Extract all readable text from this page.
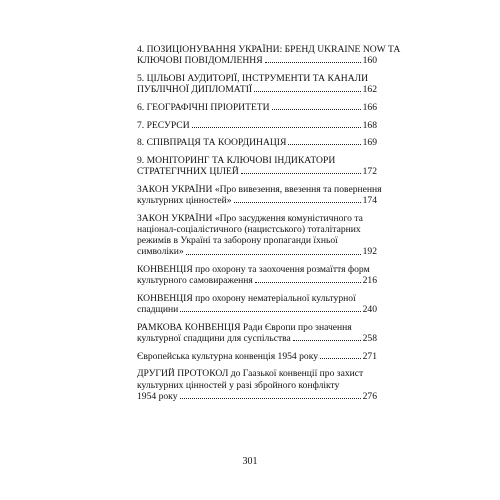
4. ПОЗИЦІОНУВАННЯ УКРАЇНИ: БРЕНД UKRAINE NOW ТА
КЛЮЧОВІ ПОВІДОМЛЕННЯ	160
5. ЦІЛЬОВІ АУДИТОРІЇ, ІНСТРУМЕНТИ ТА КАНАЛИ
ПУБЛІЧНОЇ ДИПЛОМАТІЇ	162
6. ГЕОГРАФІЧНІ ПРІОРИТЕТИ	166
7. РЕСУРСИ	168
8. СПІВПРАЦЯ ТА КООРДИНАЦІЯ	169
9. МОНІТОРИНГ ТА КЛЮЧОВІ ІНДИКАТОРИ
СТРАТЕГІЧНИХ ЦІЛЕЙ	172
ЗАКОН УКРАЇНИ «Про вивезення, ввезення та повернення
культурних цінностей»	174
ЗАКОН УКРАЇНИ «Про засудження комуністичного та
націонал-соціалістичного (нацистського) тоталітарних
режимів в Україні та заборону пропаганди їхньої
символіки»	192
КОНВЕНЦІЯ про охорону та заохочення розмаїття форм
культурного самовираження	216
КОНВЕНЦІЯ про охорону нематеріальної культурної
спадщини	240
РАМКОВА КОНВЕНЦІЯ Ради Європи про значення
культурної спадщини для суспільства	258
Європейська культурна конвенція 1954 року	271
ДРУГИЙ ПРОТОКОЛ до Гаазької конвенції про захист
культурних цінностей у разі збройного конфлікту
1954 року	276
301
